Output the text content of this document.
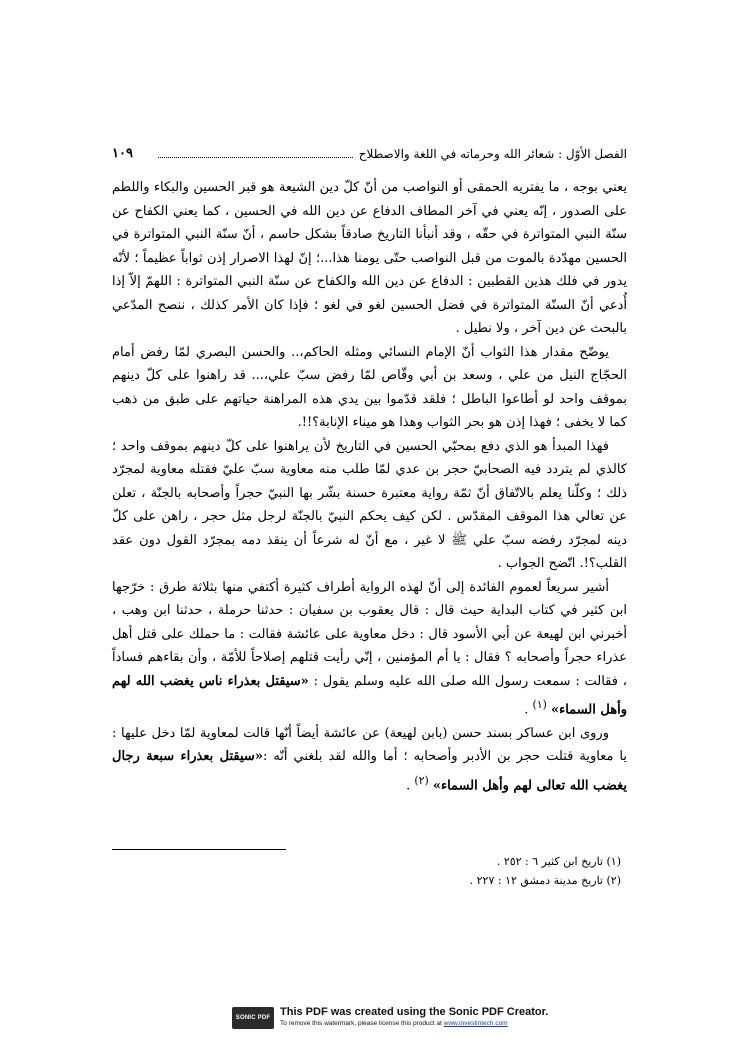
الفصل الأوّل : شعائر الله وحرماته في اللغة والاصطلاح
١٠٩

يعني بوجه ، ما يفتريه الحمقى أو النواصب من أنّ كلّ دين الشيعة هو قبر الحسين والبكاء واللطم على الصدور ، إنّه يعني في آخر المطاف الدفاع عن دين الله في الحسين ، كما يعني الكفاح عن سنّة النبي المتواترة في حقّه ، وقد أنبأنا التاريخ صادقاً بشكل حاسم ، أنّ سنّة النبي المتواترة في الحسين مهدّدة بالموت من قبل النواصب حتّى يومنا هذا...؛ إنّ لهذا الاصرار إذن ثواباً عظيماً ؛ لأنّه يدور في فلك هذين القطبين : الدفاع عن دين الله والكفاح عن سنّة النبي المتواترة : اللهمّ إلاّ إذا أُدعي أنّ السنّة المتواترة في فضل الحسين لغو في لغو ؛ فإذا كان الأمر كذلك ، ننصح المدّعي بالبحث عن دين آخر ، ولا نطيل .

يوضّح مقدار هذا الثواب أنّ الإمام النسائي ومثله الحاكم،.. والحسن البصري لمّا رفض أمام الحجّاج النيل من علي ، وسعد بن أبي وقّاص لمّا رفض سبّ علي،... قد راهنوا على كلّ دينهم بموقف واحد لو أطاعوا الباطل ؛ فلقد قدّموا بين يدي هذه المراهنة حياتهم على طبق من ذهب كما لا يخفى ؛ فهذا إذن هو بحر الثواب وهذا هو ميناء الإنابة؟!!.

فهذا المبدأ هو الذي دفع بمحبّي الحسين في التاريخ لأن يراهنوا على كلّ دينهم بموقف واحد ؛ كالذي لم يتردد فيه الصحابيّ حجر بن عدي لمّا طلب منه معاوية سبّ عليّ فقتله معاوية لمجرّد ذلك ؛ وكلّنا يعلم بالاتّفاق أنّ ثمّة رواية معتبرة حسنة بشّر بها النبيّ حجراً وأصحابه بالجنّة ، تعلن عن تعالي هذا الموقف المقدّس . لكن كيف يحكم النبيّ بالجنّة لرجل مثل حجر ، راهن على كلّ دينه لمجرّد رفضه سبّ علي ﷺ لا غير ، مع أنّ له شرعاً أن ينقذ دمه بمجرّد القول دون عقد القلب؟!. اتّضح الجواب .

أشير سريعاً لعموم الفائدة إلى أنّ لهذه الرواية أطراف كثيرة أكتفي منها بثلاثة طرق : خرّجها ابن كثير في كتاب البداية حيث قال : قال يعقوب بن سفيان : حدثنا حرملة ، حدثنا ابن وهب ، أخبرني ابن لهيعة عن أبي الأسود قال : دخل معاوية على عائشة فقالت : ما حملك على قتل أهل عذراء حجراً وأصحابه ؟ فقال : يا أم المؤمنين ، إنّي رأيت قتلهم إصلاحاً للأمّة ، وأن بقاءهم فساداً ، فقالت : سمعت رسول الله صلى الله عليه وسلم يقول : «سيقتل بعذراء ناس يغضب الله لهم وأهل السماء» $^{(١)}$ .

وروى ابن عساكر بسند حسن (بابن لهيعة) عن عائشة أيضاً أنّها قالت لمعاوية لمّا دخل عليها : يا معاوية قتلت حجر بن الأدبر وأصحابه ؛ أما والله لقد بلغني أنّه :«سيقتل بعذراء سبعة رجال يغضب الله تعالى لهم وأهل السماء» $^{(٢)}$ .

(١) تاريخ ابن كثير ٦ : ٢٥٢ .

(٢) تاريخ مدينة دمشق ١٢ : ٢٢٧ .

SONIC PDF This PDF was created using the Sonic PDF Creator.
To remove this watermark, please license this product at www.investintech.com
